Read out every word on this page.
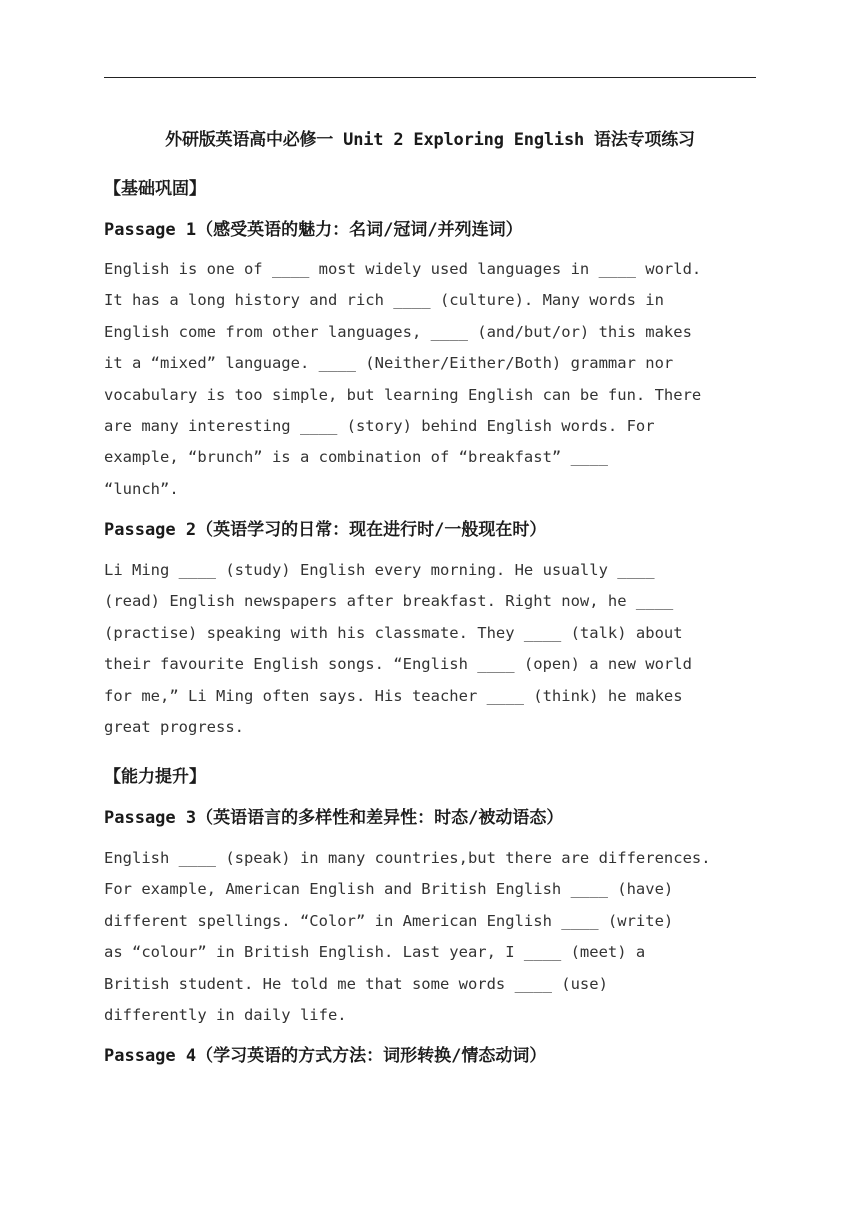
外研版英语高中必修一 Unit 2 Exploring English 语法专项练习
【基础巩固】
Passage 1（感受英语的魅力：名词/冠词/并列连词）
English is one of ____ most widely used languages in ____ world.
It has a long history and rich ____ (culture). Many words in
English come from other languages, ____ (and/but/or) this makes
it a “mixed” language. ____ (Neither/Either/Both) grammar nor
vocabulary is too simple, but learning English can be fun. There
are many interesting ____ (story) behind English words. For
example, “brunch” is a combination of “breakfast” ____
“lunch”.
Passage 2（英语学习的日常：现在进行时/一般现在时）
Li Ming ____ (study) English every morning. He usually ____
(read) English newspapers after breakfast. Right now, he ____
(practise) speaking with his classmate. They ____ (talk) about
their favourite English songs. “English ____ (open) a new world
for me,” Li Ming often says. His teacher ____ (think) he makes
great progress.
【能力提升】
Passage 3（英语语言的多样性和差异性：时态/被动语态）
English ____ (speak) in many countries,but there are differences.
For example, American English and British English ____ (have)
different spellings. “Color” in American English ____ (write)
as “colour” in British English. Last year, I ____ (meet) a
British student. He told me that some words ____ (use)
differently in daily life.
Passage 4（学习英语的方式方法：词形转换/情态动词）
